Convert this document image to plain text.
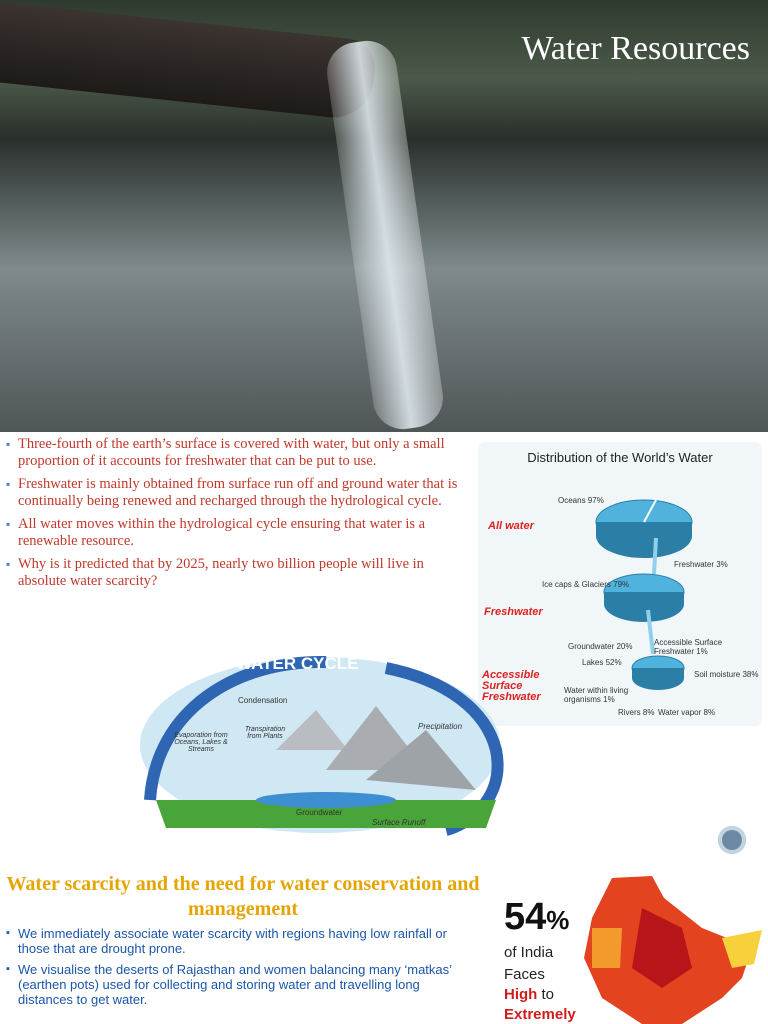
Water Resources
▪ Three-fourth of the earth’s surface is covered with water, but only a small proportion of it accounts for freshwater that can be put to use.
▪ Freshwater is mainly obtained from surface run off and ground water that is continually being renewed and recharged through the hydrological cycle.
▪ All water moves within the hydrological cycle ensuring that water is a renewable resource.
▪ Why is it predicted that by 2025, nearly two billion people will live in absolute water scarcity?
Distribution of the World’s Water
Oceans 97%
Freshwater 3%
Ice caps & Glaciers 79%
Groundwater 20%	Accessible Surface Freshwater 1%
Lakes 52%
Soil moisture 38%
Water within living organisms 1%
Rivers 8% Water vapor 8%
All water
Freshwater
Accessible Surface Freshwater
WATER CYCLE
Condensation
Evaporation from Oceans, Lakes & Streams
Transpiration from Plants
Precipitation
Groundwater
Surface Runoff
Water scarcity and the need for water conservation and management
▪ We immediately associate water scarcity with regions having low rainfall or those that are drought prone.
▪ We visualise the deserts of Rajasthan and women balancing many ‘matkas’ (earthen pots) used for collecting and storing water and travelling long distances to get water.
54%
of India
Faces
High to
Extremely
